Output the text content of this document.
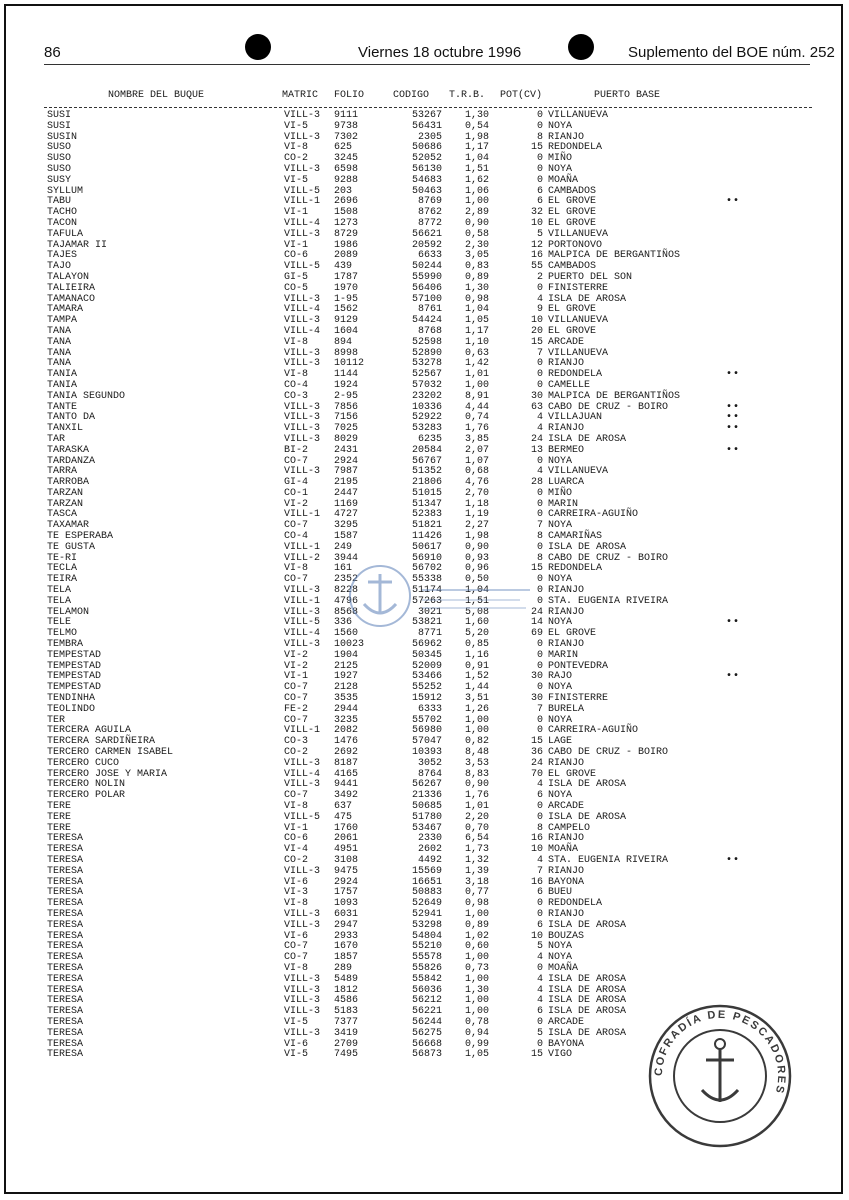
86	Viernes 18 octubre 1996	Suplemento del BOE núm. 252
NOMBRE DEL BUQUE	MATRIC FOLIO	CODIGO T.R.B. POT(CV)	PUERTO BASE
SUSI	VILL-3 9111	53267	1,30	0 VILLANUEVA
SUSI	VI-5	9738	56431	0,54	0 NOYA
SUSIN	VILL-3 7302	2305	1,98	8 RIANJO
SUSO	VI-8	625	50686	1,17	15 REDONDELA
SUSO	CO-2	3245	52052	1,04	0 MIÑO
SUSO	VILL-3 6598	56130	1,51	0 NOYA
SUSY	VI-5	9288	54683	1,62	0 MOAÑA
SYLLUM	VILL-5 203	50463	1,06	6 CAMBADOS
TABU	VILL-1 2696	8769	1,00	6 EL GROVE	••
TACHO	VI-1	1508	8762	2,89	32 EL GROVE
TACON	VILL-4 1273	8772	0,90	10 EL GROVE
TAFULA	VILL-3 8729	56621	0,58	5 VILLANUEVA
TAJAMAR II	VI-1	1986	20592	2,30	12 PORTONOVO
TAJES	CO-6	2089	6633	3,05	16 MALPICA DE BERGANTIÑOS
TAJO	VILL-5 439	50244	0,83	55 CAMBADOS
TALAYON	GI-5	1787	55990	0,89	2 PUERTO DEL SON
TALIEIRA	CO-5	1970	56406	1,30	0 FINISTERRE
TAMANACO	VILL-3 1-95	57100	0,98	4 ISLA DE AROSA
TAMARA	VILL-4 1562	8761	1,04	9 EL GROVE
TAMPA	VILL-3 9129	54424	1,05	10 VILLANUEVA
TANA	VILL-4 1604	8768	1,17	20 EL GROVE
TANA	VI-8	894	52598	1,10	15 ARCADE
TANA	VILL-3 8998	52890	0,63	7 VILLANUEVA
TANA	VILL-3 10112	53278	1,42	0 RIANJO
TANIA	VI-8	1144	52567	1,01	0 REDONDELA	••
TANIA	CO-4	1924	57032	1,00	0 CAMELLE
TANIA SEGUNDO	CO-3	2-95	23202	8,91	30 MALPICA DE BERGANTIÑOS
TANTE	VILL-3 7856	10336	4,44	63 CABO DE CRUZ - BOIRO	••
TANTO DA	VILL-3 7156	52922	0,74	4 VILLAJUAN	••
TANXIL	VILL-3 7025	53283	1,76	4 RIANJO	••
TAR	VILL-3 8029	6235	3,85	24 ISLA DE AROSA
TARASKA	BI-2	2431	20584	2,07	13 BERMEO	••
TARDANZA	CO-7	2924	56767	1,07	0 NOYA
TARRA	VILL-3 7987	51352	0,68	4 VILLANUEVA
TARROBA	GI-4	2195	21806	4,76	28 LUARCA
TARZAN	CO-1	2447	51015	2,70	0 MIÑO
TARZAN	VI-2	1169	51347	1,18	0 MARIN
TASCA	VILL-1 4727	52383	1,19	0 CARREIRA-AGUIÑO
TAXAMAR	CO-7	3295	51821	2,27	7 NOYA
TE ESPERABA	CO-4	1587	11426	1,98	8 CAMARIÑAS
TE GUSTA	VILL-1 249	50617	0,90	0 ISLA DE AROSA
TE-RI	VILL-2 3944	56910	0,93	8 CABO DE CRUZ - BOIRO
TECLA	VI-8	161	56702	0,96	15 REDONDELA
TEIRA	CO-7	2352	55338	0,50	0 NOYA
TELA	VILL-3 8228	51174	1,04	0 RIANJO
TELA	VILL-1 4796	57263	1,51	0 STA. EUGENIA RIVEIRA
TELAMON	VILL-3 8568	3021	5,08	24 RIANJO
TELE	VILL-5 336	53821	1,60	14 NOYA	••
TELMO	VILL-4 1560	8771	5,20	69 EL GROVE
TEMBRA	VILL-3 10023	56962	0,85	0 RIANJO
TEMPESTAD	VI-2	1904	50345	1,16	0 MARIN
TEMPESTAD	VI-2	2125	52009	0,91	0 PONTEVEDRA
TEMPESTAD	VI-1	1927	53466	1,52	30 RAJO	••
TEMPESTAD	CO-7	2128	55252	1,44	0 NOYA
TENDINHA	CO-7	3535	15912	3,51	30 FINISTERRE
TEOLINDO	FE-2	2944	6333	1,26	7 BURELA
TER	CO-7	3235	55702	1,00	0 NOYA
TERCERA AGUILA	VILL-1 2082	56980	1,00	0 CARREIRA-AGUIÑO
TERCERA SARDIÑEIRA	CO-3	1476	57047	0,82	15 LAGE
TERCERO CARMEN ISABEL	CO-2	2692	10393	8,48	36 CABO DE CRUZ - BOIRO
TERCERO CUCO	VILL-3 8187	3052	3,53	24 RIANJO
TERCERO JOSE Y MARIA	VILL-4 4165	8764	8,83	70 EL GROVE
TERCERO NOLIN	VILL-3 9441	56267	0,90	4 ISLA DE AROSA
TERCERO POLAR	CO-7	3492	21336	1,76	6 NOYA
TERE	VI-8	637	50685	1,01	0 ARCADE
TERE	VILL-5 475	51780	2,20	0 ISLA DE AROSA
TERE	VI-1	1760	53467	0,70	8 CAMPELO
TERESA	CO-6	2061	2330	6,54	16 RIANJO
TERESA	VI-4	4951	2602	1,73	10 MOAÑA
TERESA	CO-2	3108	4492	1,32	4 STA. EUGENIA RIVEIRA	••
TERESA	VILL-3 9475	15569	1,39	7 RIANJO
TERESA	VI-6	2924	16651	3,18	16 BAYONA
TERESA	VI-3	1757	50883	0,77	6 BUEU
TERESA	VI-8	1093	52649	0,98	0 REDONDELA
TERESA	VILL-3 6031	52941	1,00	0 RIANJO
TERESA	VILL-3 2947	53298	0,89	6 ISLA DE AROSA
TERESA	VI-6	2933	54804	1,02	10 BOUZAS
TERESA	CO-7	1670	55210	0,60	5 NOYA
TERESA	CO-7	1857	55578	1,00	4 NOYA
TERESA	VI-8	289	55826	0,73	0 MOAÑA
TERESA	VILL-3 5489	55842	1,00	4 ISLA DE AROSA
TERESA	VILL-3 1812	56036	1,30	4 ISLA DE AROSA
TERESA	VILL-3 4586	56212	1,00	4 ISLA DE AROSA
TERESA	VILL-3 5183	56221	1,00	6 ISLA DE AROSA
TERESA	VI-5	7377	56244	0,78	0 ARCADE
TERESA	VILL-3 3419	56275	0,94	5 ISLA DE AROSA
TERESA	VI-6	2709	56668	0,99	0 BAYONA
TERESA	VI-5	7495	56873	1,05	15 VIGO
COFRADÍA DE PESCADORES
